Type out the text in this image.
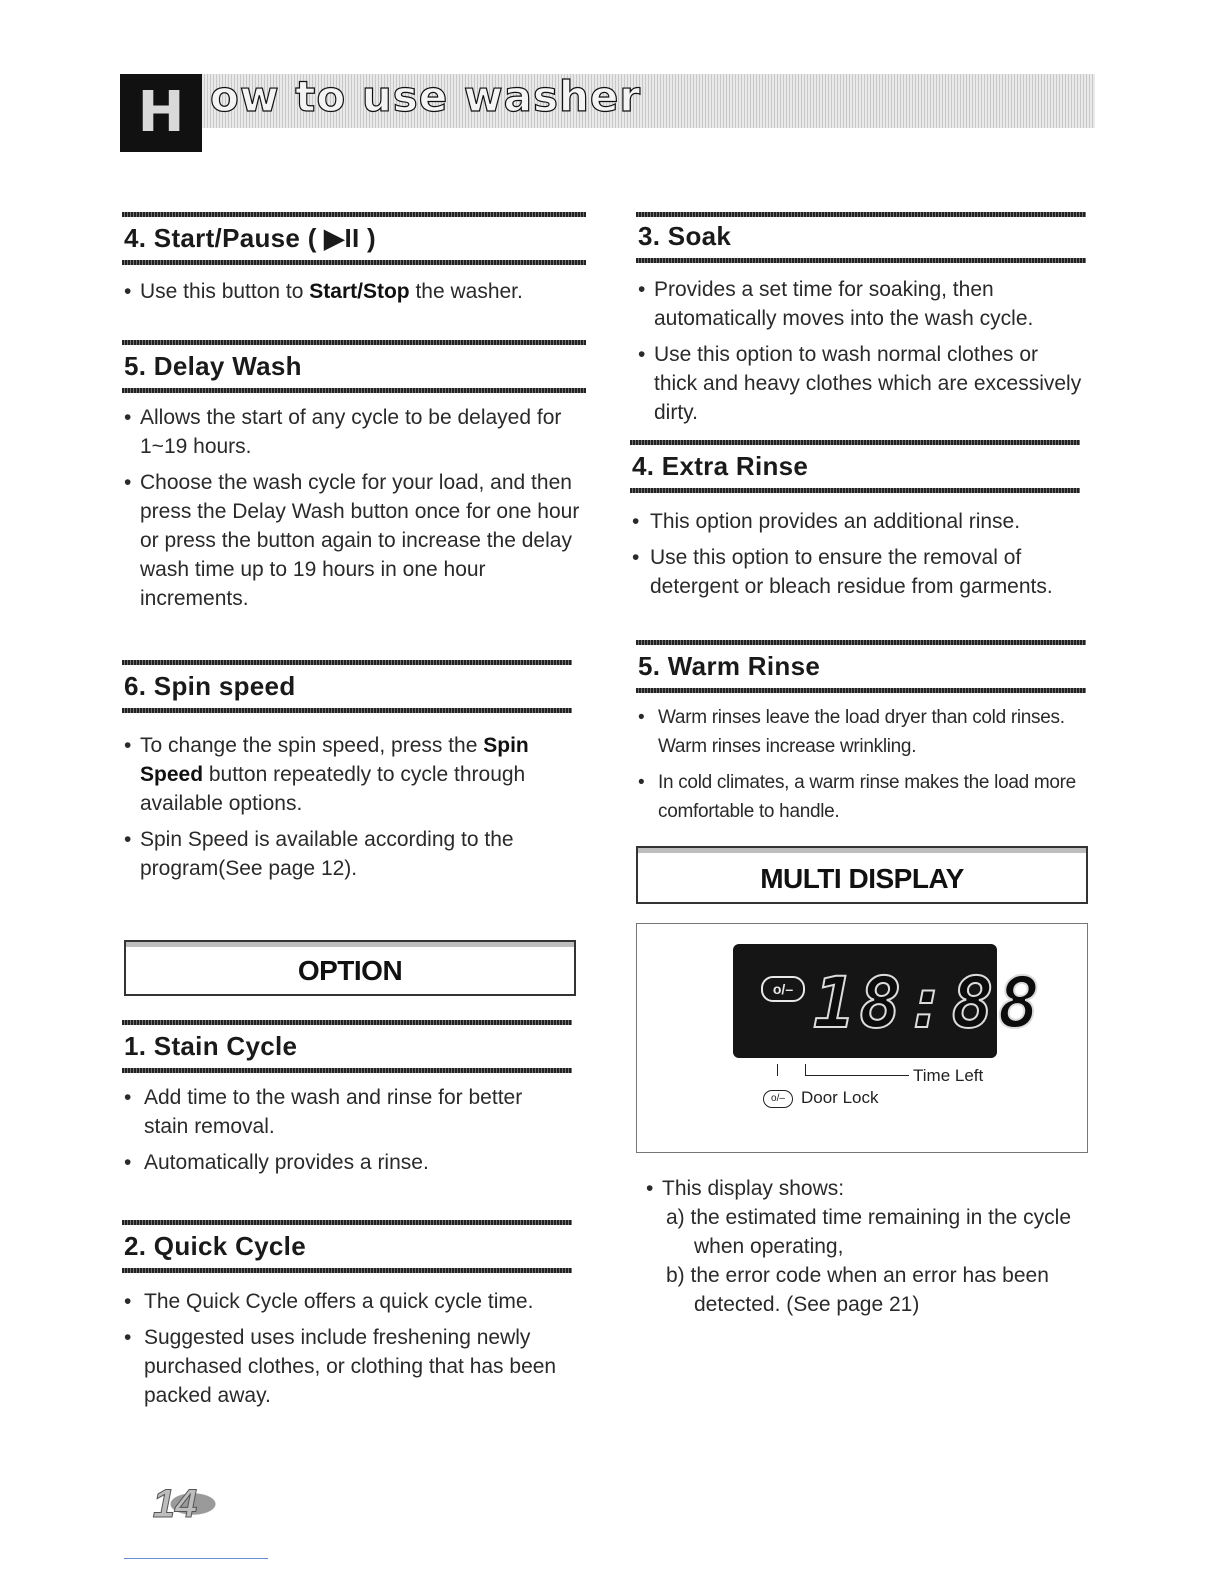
H ow to use washer
4. Start/Pause ( ▶II )
• Use this button to Start/Stop the washer.
5. Delay Wash
• Allows the start of any cycle to be delayed for 1~19 hours.
• Choose the wash cycle for your load, and then press the Delay Wash button once for one hour or press the button again to increase the delay wash time up to 19 hours in one hour increments.
6. Spin speed
• To change the spin speed, press the Spin Speed button repeatedly to cycle through available options.
• Spin Speed is available according to the program(See page 12).
OPTION
1. Stain Cycle
• Add time to the wash and rinse for better stain removal.
• Automatically provides a rinse.
2. Quick Cycle
• The Quick Cycle offers a quick cycle time.
• Suggested uses include freshening newly purchased clothes, or clothing that has been packed away.
3. Soak
• Provides a set time for soaking, then automatically moves into the wash cycle.
• Use this option to wash normal clothes or thick and heavy clothes which are excessively dirty.
4. Extra Rinse
• This option provides an additional rinse.
• Use this option to ensure the removal of detergent or bleach residue from garments.
5. Warm Rinse
• Warm rinses leave the load dryer than cold rinses. Warm rinses increase wrinkling.
• In cold climates, a warm rinse makes the load more comfortable to handle.
MULTI DISPLAY
o/– 18:88
Time Left
o/– Door Lock
• This display shows:
a) the estimated time remaining in the cycle when operating,
b) the error code when an error has been detected. (See page 21)
14
